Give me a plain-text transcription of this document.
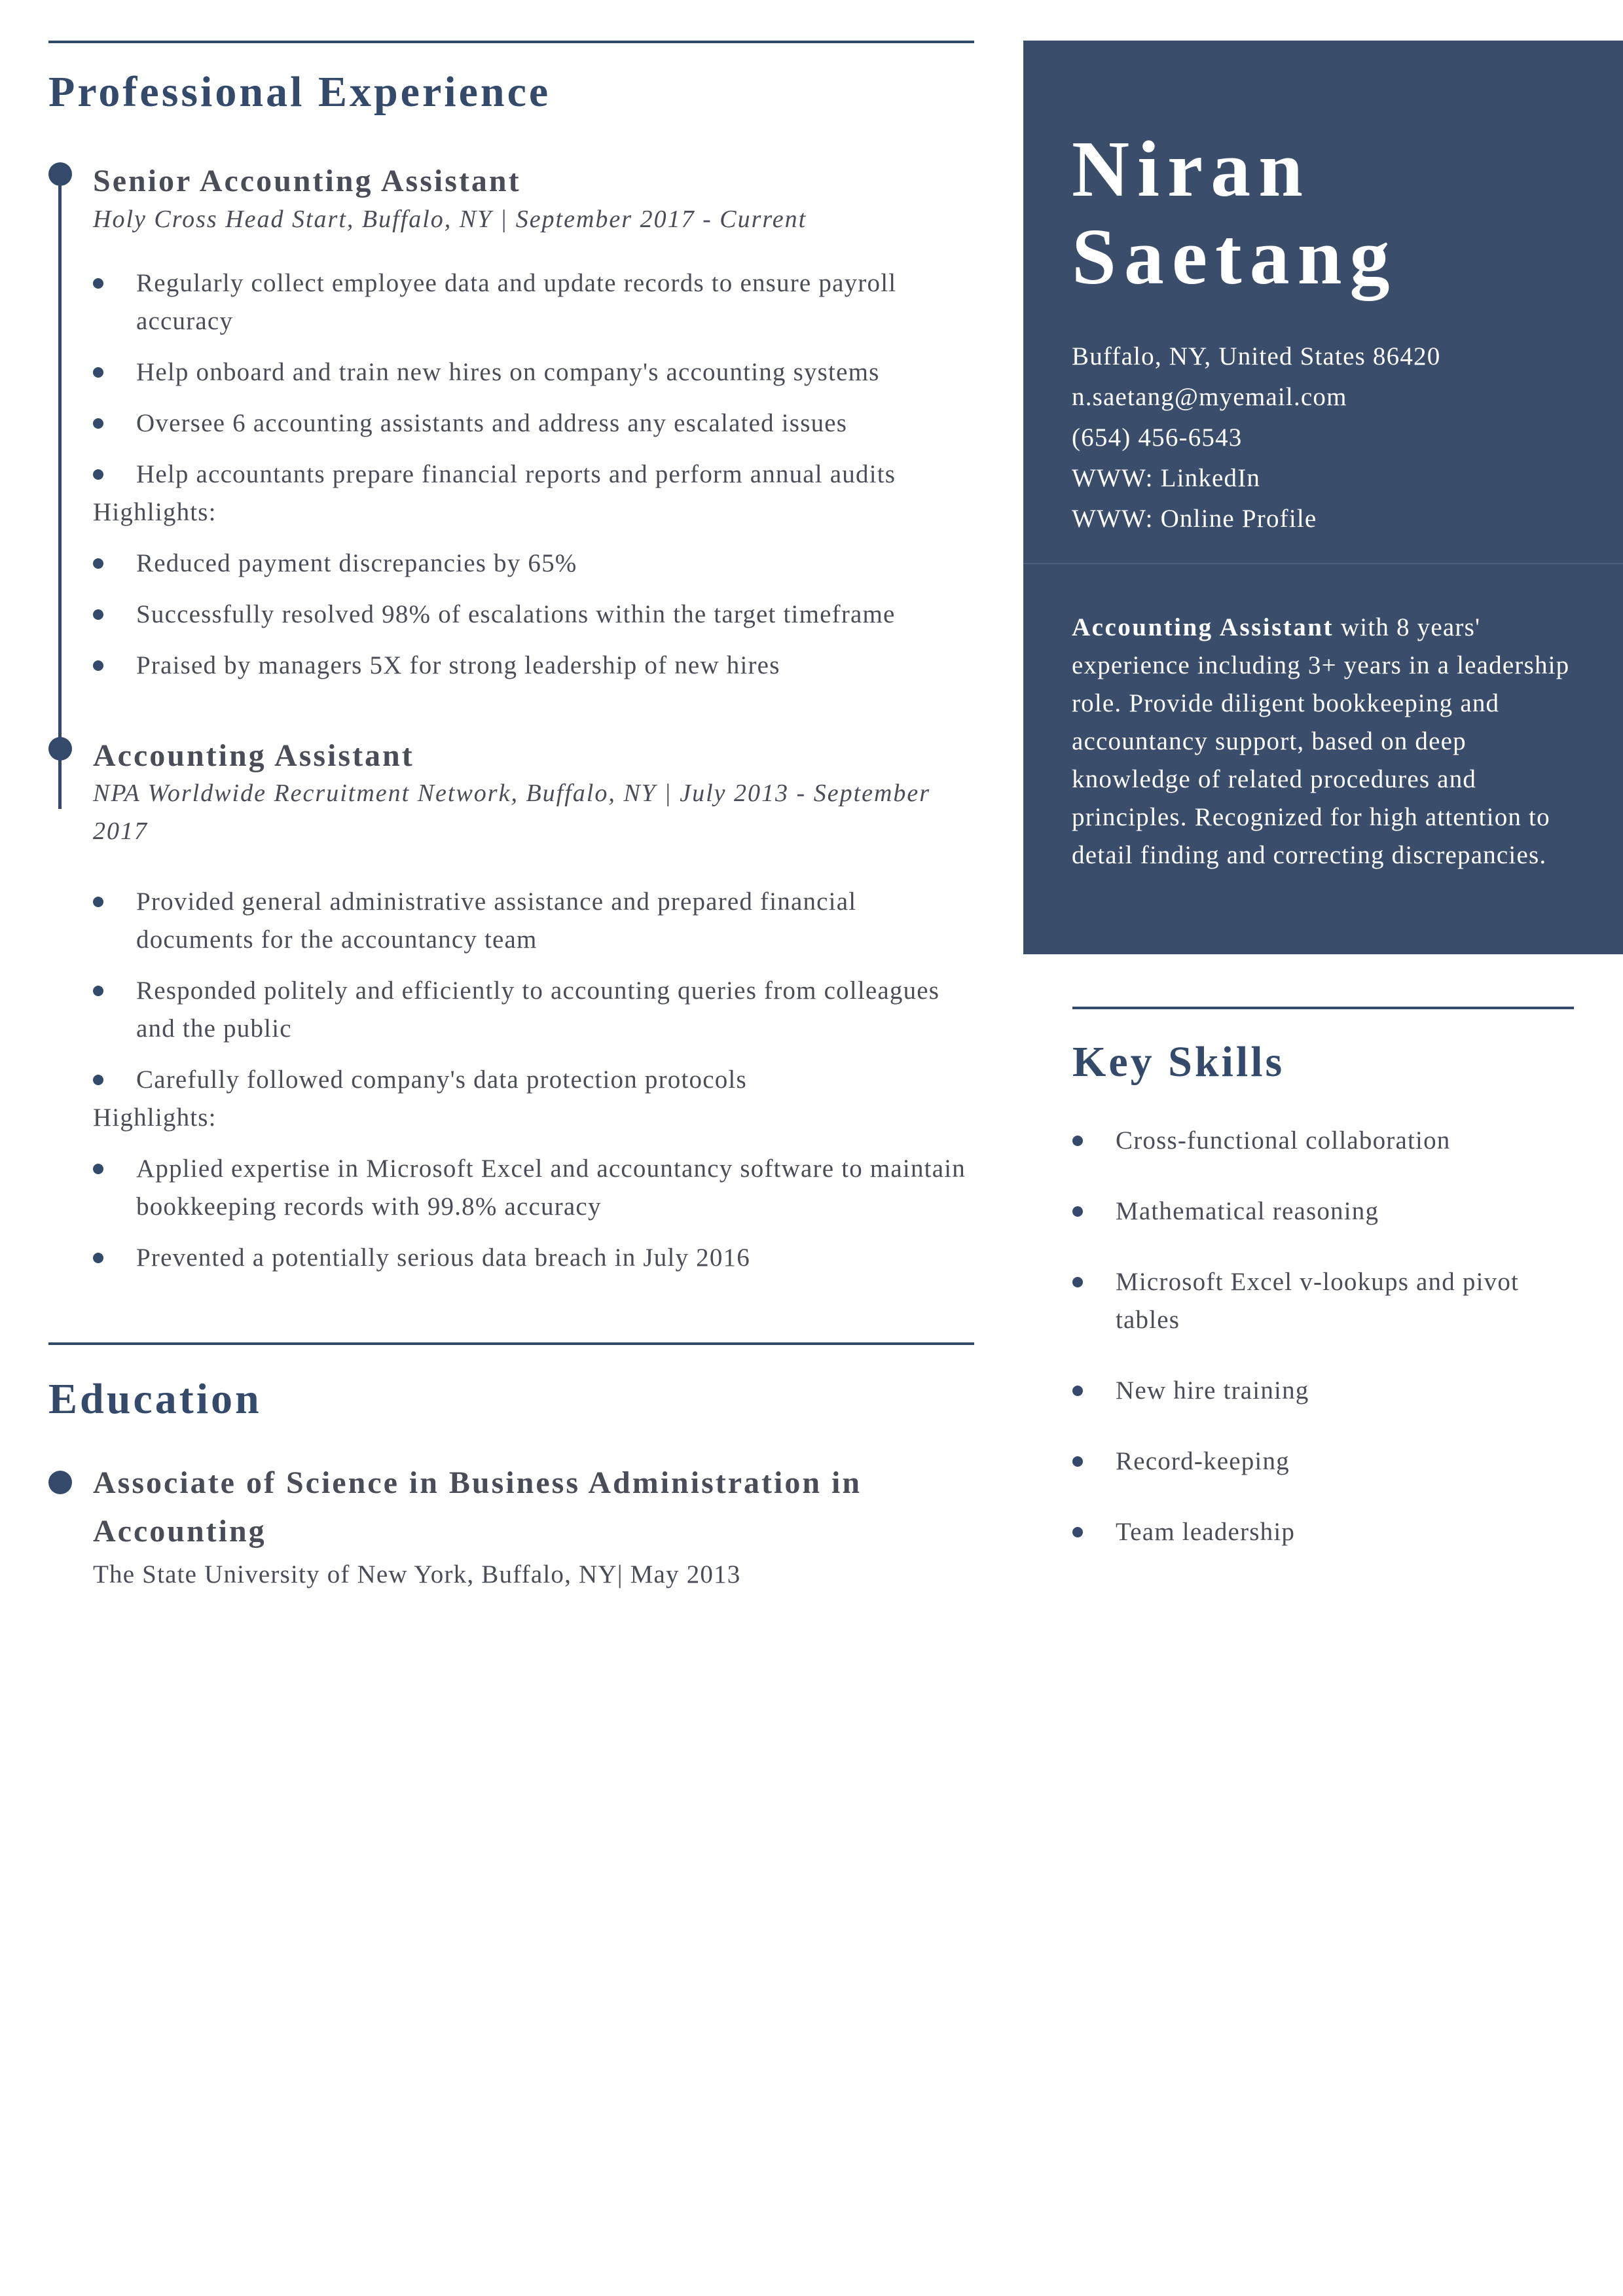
Professional Experience
Senior Accounting Assistant

Holy Cross Head Start, Buffalo, NY | September 2017 - Current

Regularly collect employee data and update records to ensure payroll accuracy
Help onboard and train new hires on company's accounting systems
Oversee 6 accounting assistants and address any escalated issues
Help accountants prepare financial reports and perform annual audits

Highlights:

Reduced payment discrepancies by 65%
Successfully resolved 98% of escalations within the target timeframe
Praised by managers 5X for strong leadership of new hires
Accounting Assistant

NPA Worldwide Recruitment Network, Buffalo, NY | July 2013 - September 2017

Provided general administrative assistance and prepared financial documents for the accountancy team
Responded politely and efficiently to accounting queries from colleagues and the public
Carefully followed company's data protection protocols

Highlights:

Applied expertise in Microsoft Excel and accountancy software to maintain bookkeeping records with 99.8% accuracy
Prevented a potentially serious data breach in July 2016
Education
Associate of Science in Business Administration in Accounting

The State University of New York, Buffalo, NY| May 2013

Niran
Saetang

Buffalo, NY, United States 86420

n.saetang@myemail.com

(654) 456-6543

WWW: LinkedIn

WWW: Online Profile

Accounting Assistant with 8 years' experience including 3+ years in a leadership role. Provide diligent bookkeeping and accountancy support, based on deep knowledge of related procedures and principles. Recognized for high attention to detail finding and correcting discrepancies.
Key Skills
Cross-functional collaboration
Mathematical reasoning
Microsoft Excel v-lookups and pivot tables
New hire training
Record-keeping
Team leadership
